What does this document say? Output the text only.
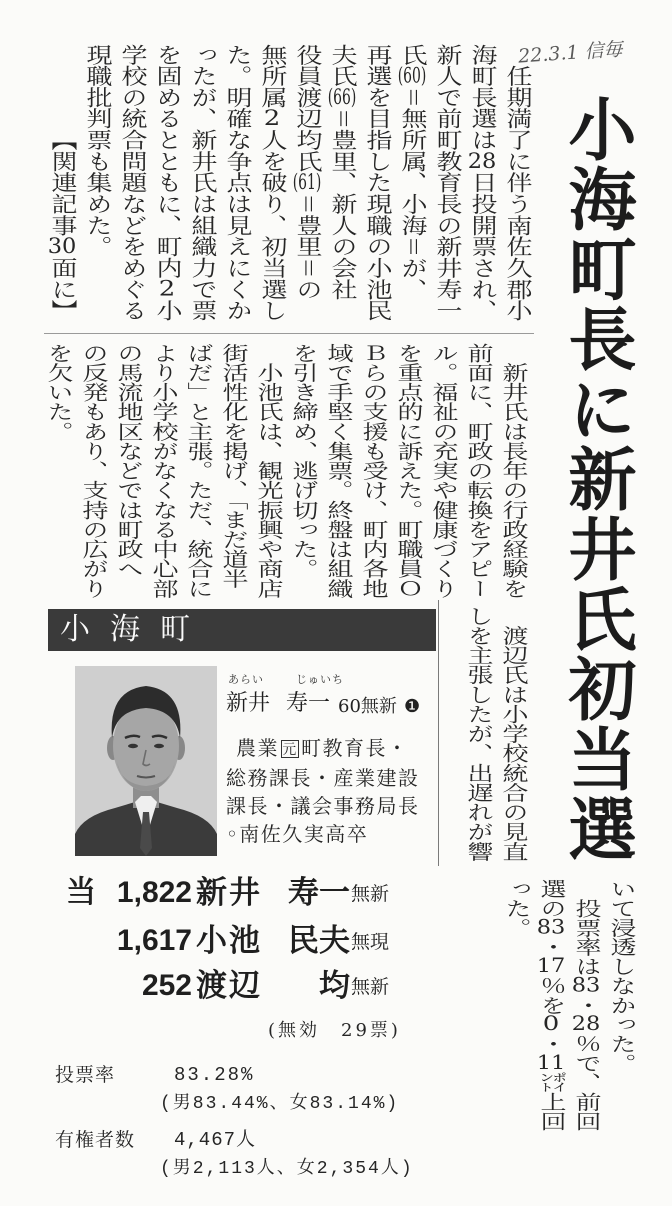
22.3.1 信毎
小海町長に新井氏初当選
任期満了に伴う南佐久郡小
海町長選は28日投開票され、
新人で前町教育長の新井寿一
氏(60)＝無所属、小海＝が、
再選を目指した現職の小池民
夫氏(66)＝豊里、新人の会社
役員渡辺均氏(61)＝豊里＝の
無所属2人を破り、初当選し
た。明確な争点は見えにくか
ったが、新井氏は組織力で票
を固めるとともに、町内2小
学校の統合問題などをめぐる
現職批判票も集めた。
【関連記事30面に】
新井氏は長年の行政経験を
前面に、町政の転換をアピー
ル。福祉の充実や健康づくり
を重点的に訴えた。町職員Ｏ
Ｂらの支援も受け、町内各地
域で手堅く集票。終盤は組織
を引き締め、逃げ切った。
小池氏は、観光振興や商店
街活性化を掲げ、「まだ道半
ばだ」と主張。ただ、統合に
より小学校がなくなる中心部
の馬流地区などでは町政へ
の反発もあり、支持の広がり
を欠いた。
渡辺氏は小学校統合の見直
しを主張したが、出遅れが響
いて浸透しなかった。
投票率は83・28％で、前回
選の83・17％を0・11㌽上回
った。
小海町
あらい	じゅいち
新井 寿一 60無新 ❶
農業 元 町教育長・
総務課長・産業建設
課長・議会事務局長
◦南佐久実高卒
当 1,822 新井 寿一 無新
1,617 小池 民夫 無現
252 渡辺	均 無新
(無効　29票)
投票率	83.28%
(男83.44%、女83.14%)
有権者数 4,467人
(男2,113人、女2,354人)
